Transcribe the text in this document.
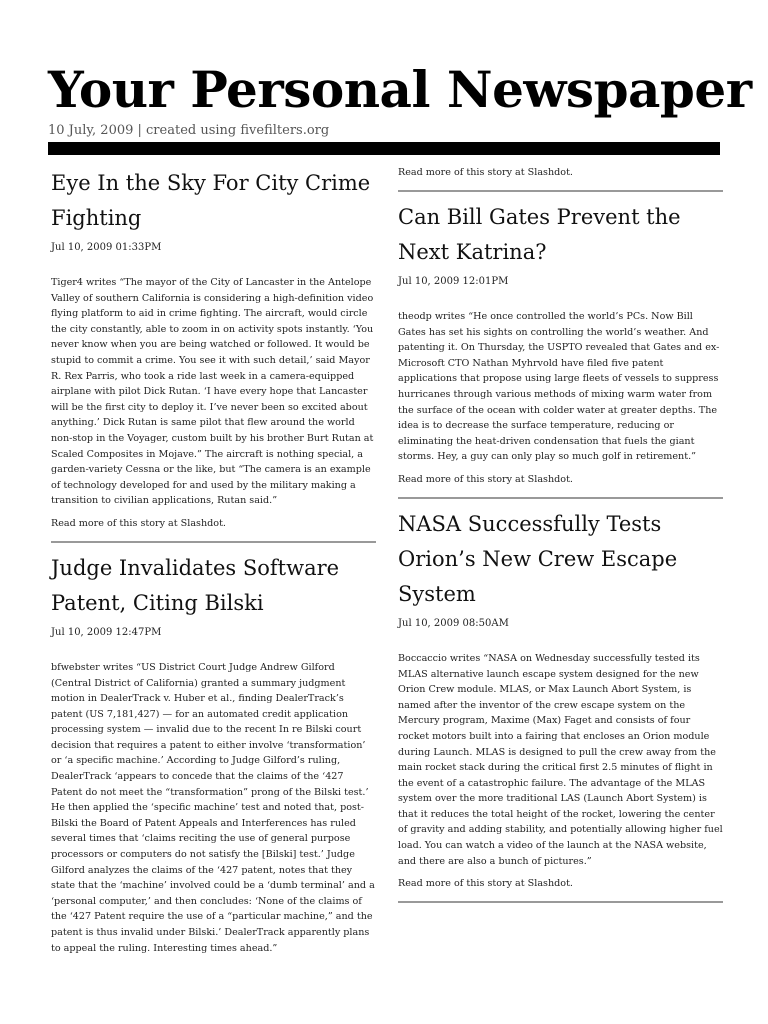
Your Personal Newspaper
10 July, 2009 | created using fivefilters.org
Eye In the Sky For City Crime Fighting
Jul 10, 2009 01:33PM
Tiger4 writes “The mayor of the City of Lancaster in the Antelope Valley of southern California is considering a high-definition video flying platform to aid in crime fighting. The aircraft, would circle the city constantly, able to zoom in on activity spots instantly. ‘You never know when you are being watched or followed. It would be stupid to commit a crime. You see it with such detail,’ said Mayor R. Rex Parris, who took a ride last week in a camera-equipped airplane with pilot Dick Rutan. ‘I have every hope that Lancaster will be the first city to deploy it. I’ve never been so excited about anything.’ Dick Rutan is same pilot that flew around the world non-stop in the Voyager, custom built by his brother Burt Rutan at Scaled Composites in Mojave.” The aircraft is nothing special, a garden-variety Cessna or the like, but “The camera is an example of technology developed for and used by the military making a transition to civilian applications, Rutan said.”
Read more of this story at Slashdot.
Judge Invalidates Software Patent, Citing Bilski
Jul 10, 2009 12:47PM
bfwebster writes “US District Court Judge Andrew Gilford (Central District of California) granted a summary judgment motion in DealerTrack v. Huber et al., finding DealerTrack’s patent (US 7,181,427) — for an automated credit application processing system — invalid due to the recent In re Bilski court decision that requires a patent to either involve ‘transformation’ or ‘a specific machine.’ According to Judge Gilford’s ruling, DealerTrack ‘appears to concede that the claims of the ‘427 Patent do not meet the “transformation” prong of the Bilski test.’ He then applied the ‘specific machine’ test and noted that, post-Bilski the Board of Patent Appeals and Interferences has ruled several times that ‘claims reciting the use of general purpose processors or computers do not satisfy the [Bilski] test.’ Judge Gilford analyzes the claims of the ‘427 patent, notes that they state that the ‘machine’ involved could be a ‘dumb terminal’ and a ‘personal computer,’ and then concludes: ‘None of the claims of the ‘427 Patent require the use of a “particular machine,” and the patent is thus invalid under Bilski.’ DealerTrack apparently plans to appeal the ruling. Interesting times ahead.”
Read more of this story at Slashdot.
Can Bill Gates Prevent the Next Katrina?
Jul 10, 2009 12:01PM
theodp writes “He once controlled the world’s PCs. Now Bill Gates has set his sights on controlling the world’s weather. And patenting it. On Thursday, the USPTO revealed that Gates and ex-Microsoft CTO Nathan Myhrvold have filed five patent applications that propose using large fleets of vessels to suppress hurricanes through various methods of mixing warm water from the surface of the ocean with colder water at greater depths. The idea is to decrease the surface temperature, reducing or eliminating the heat-driven condensation that fuels the giant storms. Hey, a guy can only play so much golf in retirement.”
Read more of this story at Slashdot.
NASA Successfully Tests Orion’s New Crew Escape System
Jul 10, 2009 08:50AM
Boccaccio writes “NASA on Wednesday successfully tested its MLAS alternative launch escape system designed for the new Orion Crew module. MLAS, or Max Launch Abort System, is named after the inventor of the crew escape system on the Mercury program, Maxime (Max) Faget and consists of four rocket motors built into a fairing that encloses an Orion module during Launch. MLAS is designed to pull the crew away from the main rocket stack during the critical first 2.5 minutes of flight in the event of a catastrophic failure. The advantage of the MLAS system over the more traditional LAS (Launch Abort System) is that it reduces the total height of the rocket, lowering the center of gravity and adding stability, and potentially allowing higher fuel load. You can watch a video of the launch at the NASA website, and there are also a bunch of pictures.”
Read more of this story at Slashdot.
